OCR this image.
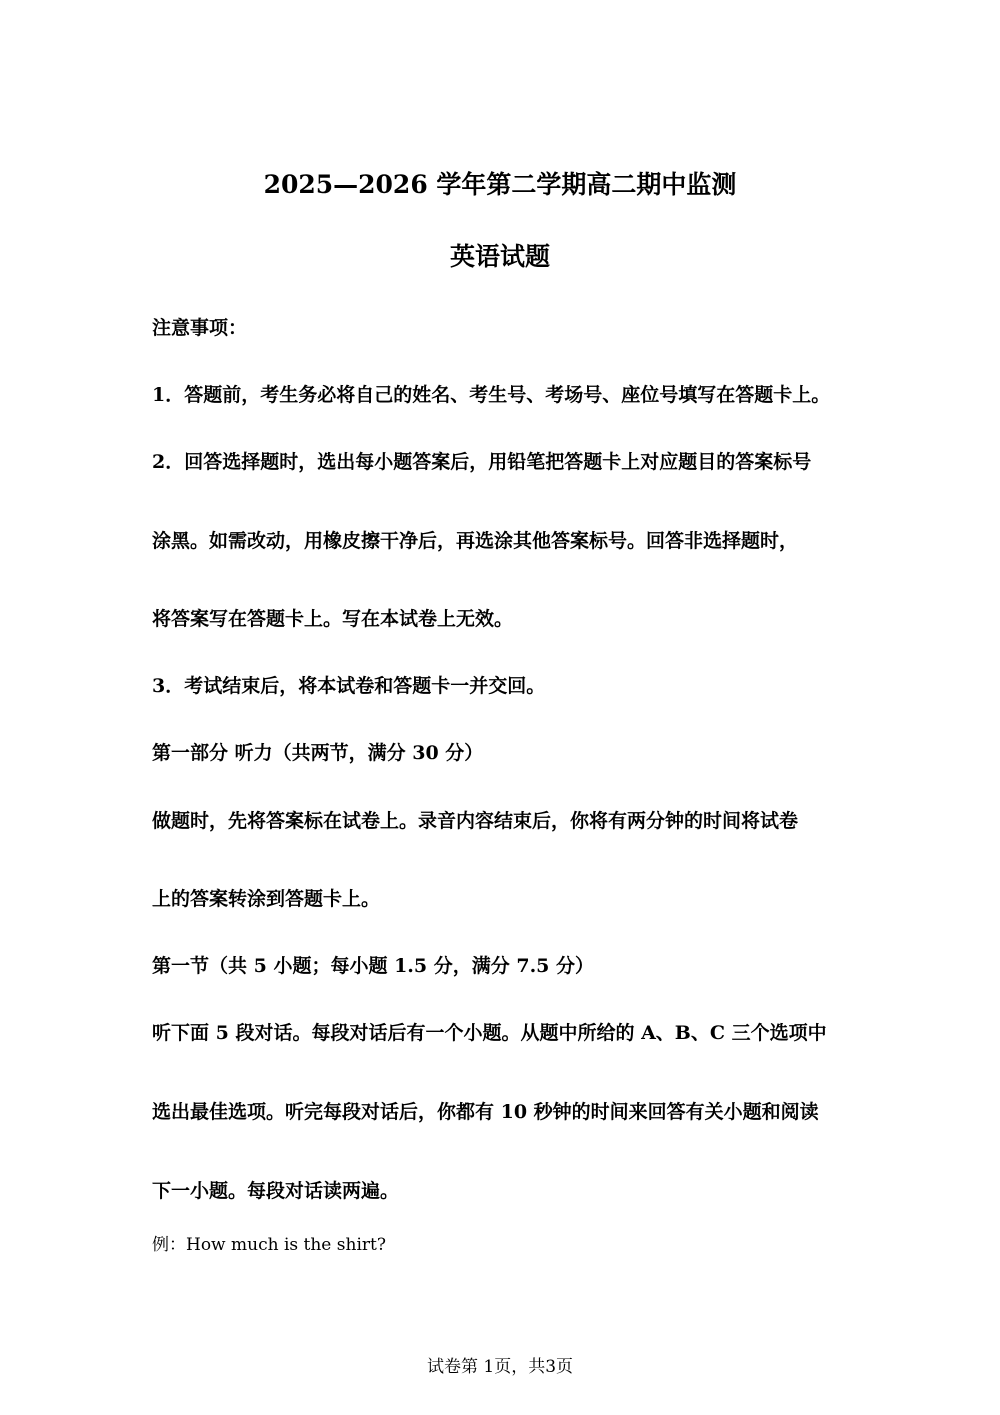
2025—2026 学年第二学期高二期中监测
英语试题
注意事项：
1．答题前，考生务必将自己的姓名、考生号、考场号、座位号填写在答题卡上。
2．回答选择题时，选出每小题答案后，用铅笔把答题卡上对应题目的答案标号
涂黑。如需改动，用橡皮擦干净后，再选涂其他答案标号。回答非选择题时，
将答案写在答题卡上。写在本试卷上无效。
3．考试结束后，将本试卷和答题卡一并交回。
第一部分 听力（共两节，满分 30 分）
做题时，先将答案标在试卷上。录音内容结束后，你将有两分钟的时间将试卷
上的答案转涂到答题卡上。
第一节（共 5 小题；每小题 1.5 分，满分 7.5 分）
听下面 5 段对话。每段对话后有一个小题。从题中所给的 A、B、C 三个选项中
选出最佳选项。听完每段对话后，你都有 10 秒钟的时间来回答有关小题和阅读
下一小题。每段对话读两遍。
例：How much is the shirt?
试卷第 1页，共3页
